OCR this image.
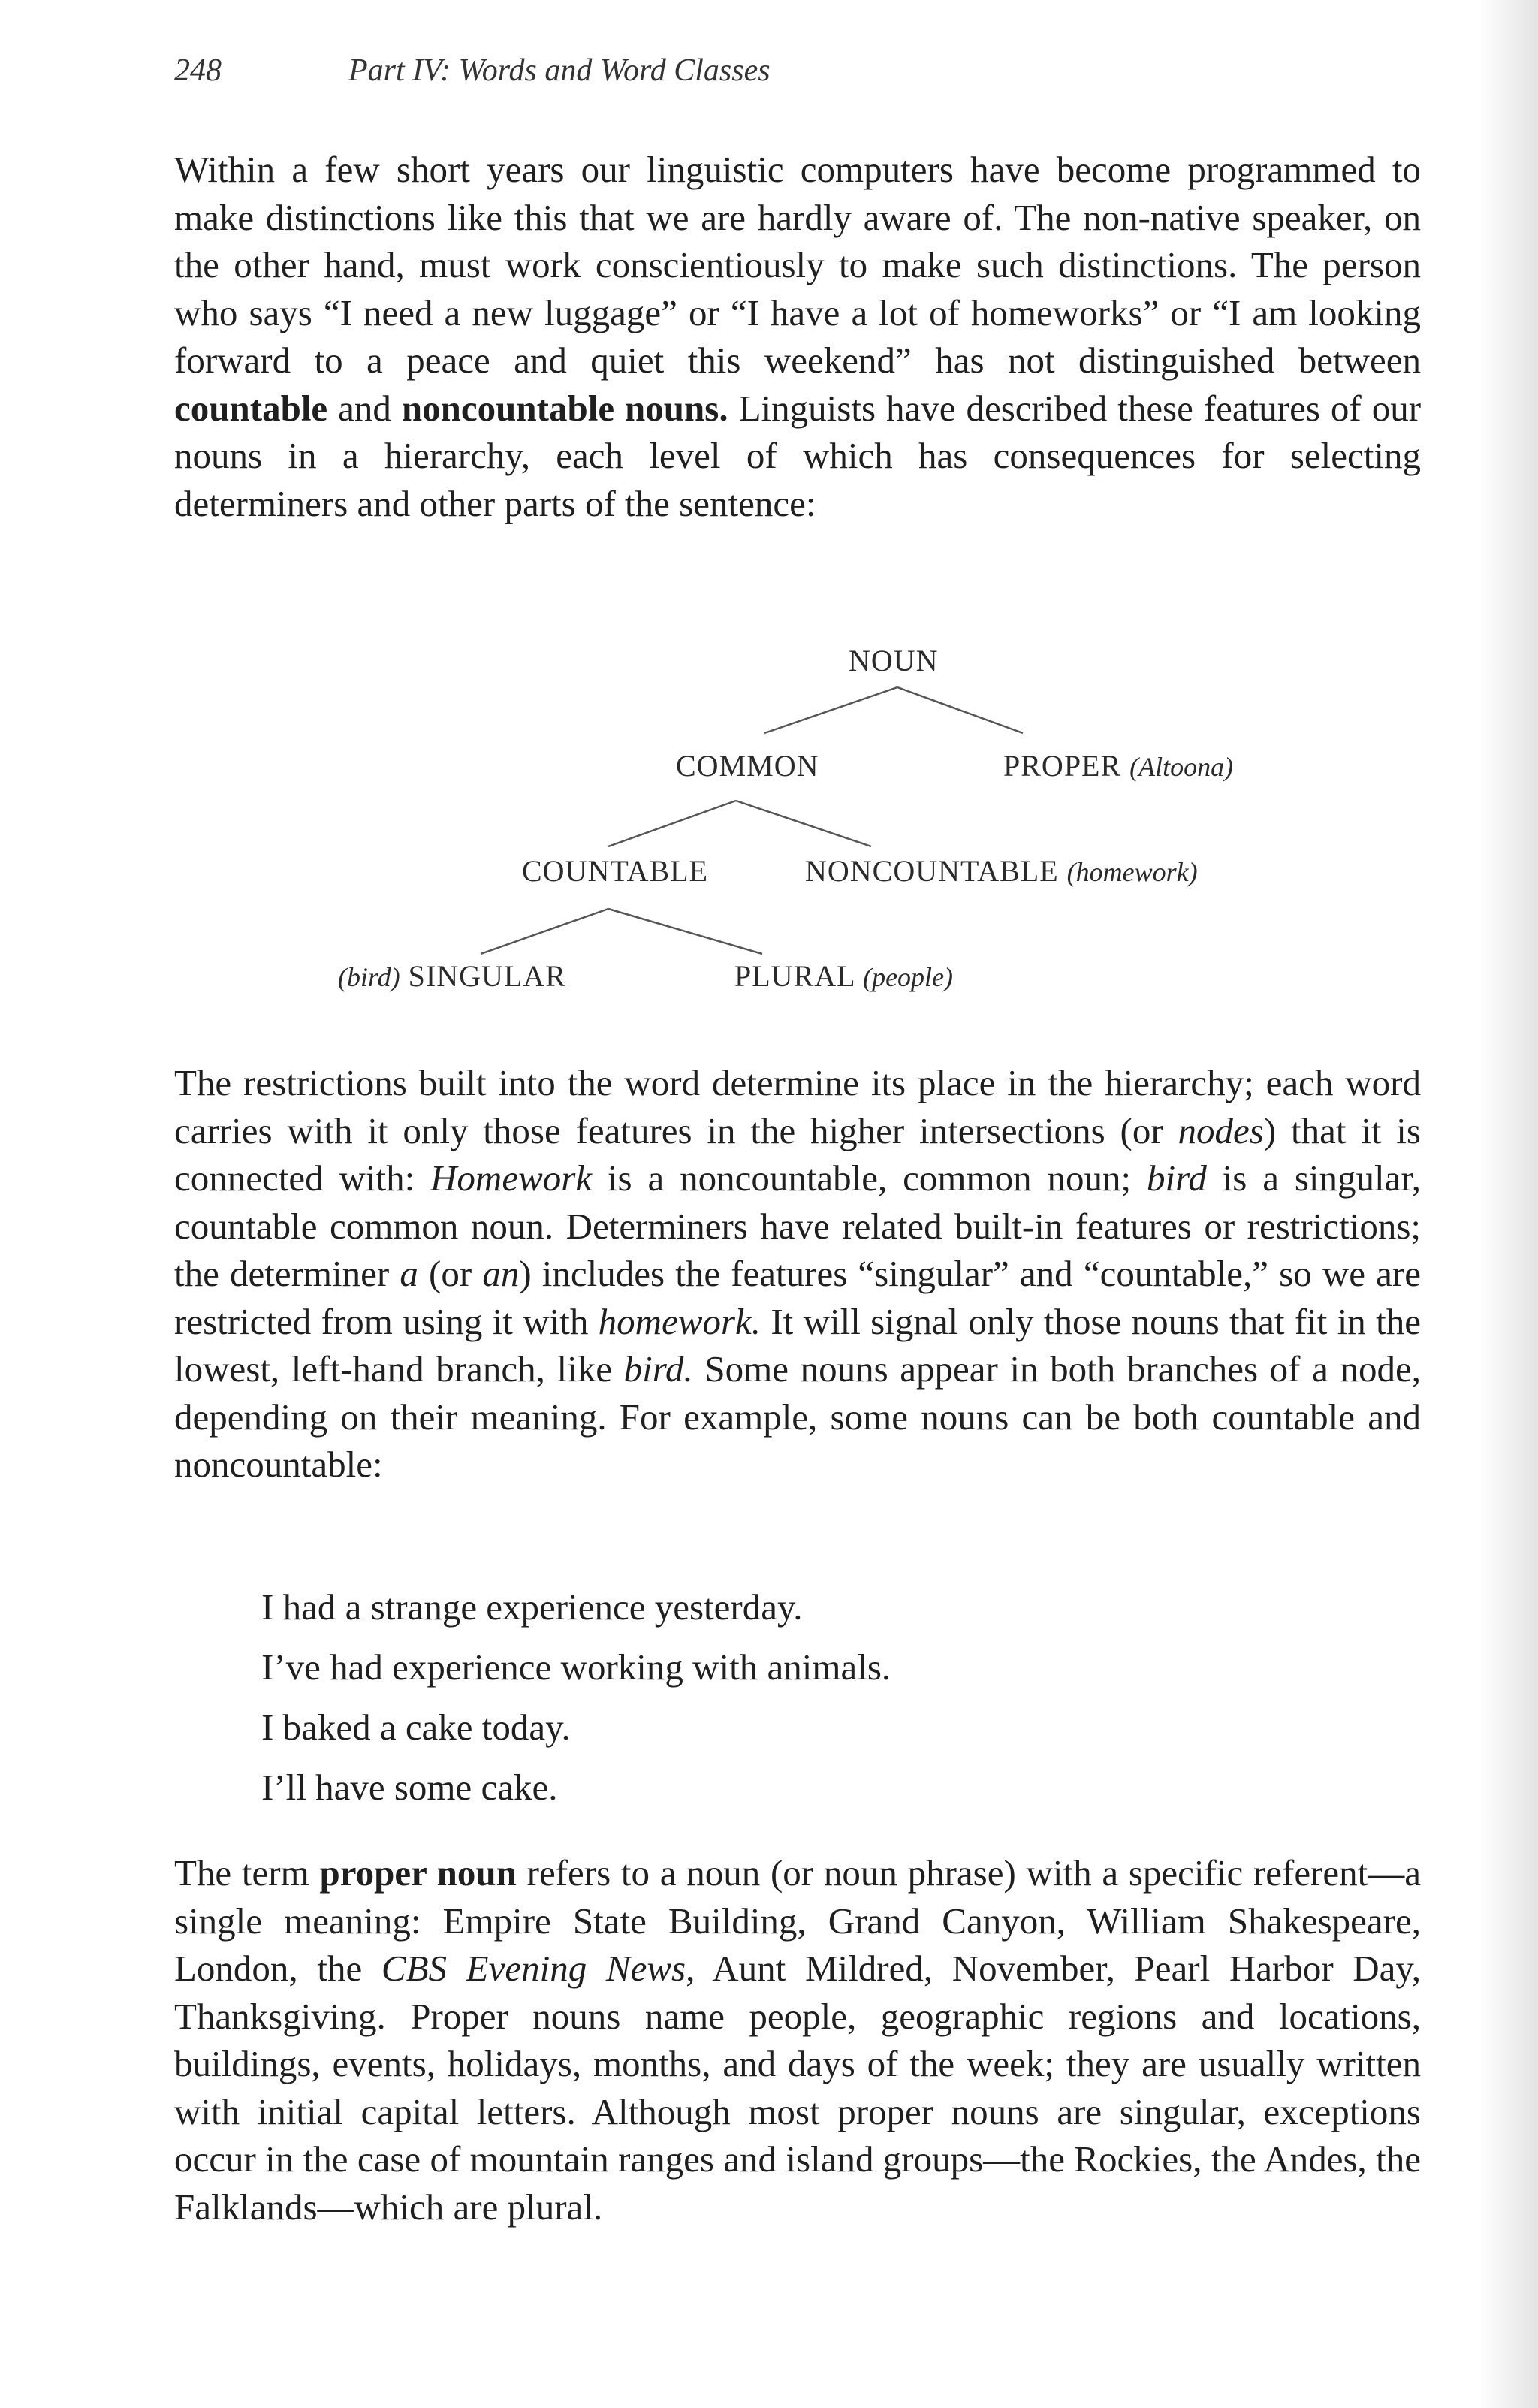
248	Part IV: Words and Word Classes

Within a few short years our linguistic computers have become programmed to make distinctions like this that we are hardly aware of. The non-native speaker, on the other hand, must work conscientiously to make such distinctions. The person who says “I need a new luggage” or “I have a lot of homeworks” or “I am looking forward to a peace and quiet this weekend” has not distinguished between countable and noncountable nouns. Linguists have described these features of our nouns in a hierarchy, each level of which has consequences for selecting determiners and other parts of the sentence:

NOUN
COMMON	PROPER (Altoona)
COUNTABLE	NONCOUNTABLE (homework)
(bird) SINGULAR	PLURAL (people)

The restrictions built into the word determine its place in the hierarchy; each word carries with it only those features in the higher intersections (or nodes) that it is connected with: Homework is a noncountable, common noun; bird is a singular, countable common noun. Determiners have related built-in features or restrictions; the determiner a (or an) includes the features “singular” and “countable,” so we are restricted from using it with homework. It will signal only those nouns that fit in the lowest, left-hand branch, like bird. Some nouns appear in both branches of a node, depending on their meaning. For example, some nouns can be both countable and noncountable:

I had a strange experience yesterday.
I’ve had experience working with animals.
I baked a cake today.
I’ll have some cake.

The term proper noun refers to a noun (or noun phrase) with a specific referent—a single meaning: Empire State Building, Grand Canyon, William Shakespeare, London, the CBS Evening News, Aunt Mildred, November, Pearl Harbor Day, Thanksgiving. Proper nouns name people, geographic regions and locations, buildings, events, holidays, months, and days of the week; they are usually written with initial capital letters. Although most proper nouns are singular, exceptions occur in the case of mountain ranges and island groups—the Rockies, the Andes, the Falklands—which are plural.
